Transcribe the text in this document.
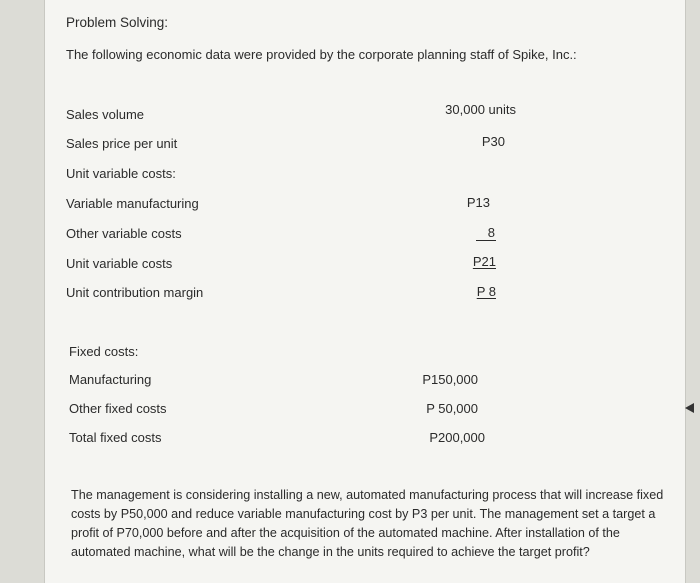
Problem Solving:
The following economic data were provided by the corporate planning staff of Spike, Inc.:
Sales volume	30,000 units
Sales price per unit	P30
Unit variable costs:
Variable manufacturing	P13
Other variable costs	8
Unit variable costs	P21
Unit contribution margin	P 8
Fixed costs:
Manufacturing	P150,000
Other fixed costs	P 50,000
Total fixed costs	P200,000
The management is considering installing a new, automated manufacturing process that will increase fixed costs by P50,000 and reduce variable manufacturing cost by P3 per unit. The management set a target a profit of P70,000 before and after the acquisition of the automated machine. After installation of the automated machine, what will be the change in the units required to achieve the target profit?
